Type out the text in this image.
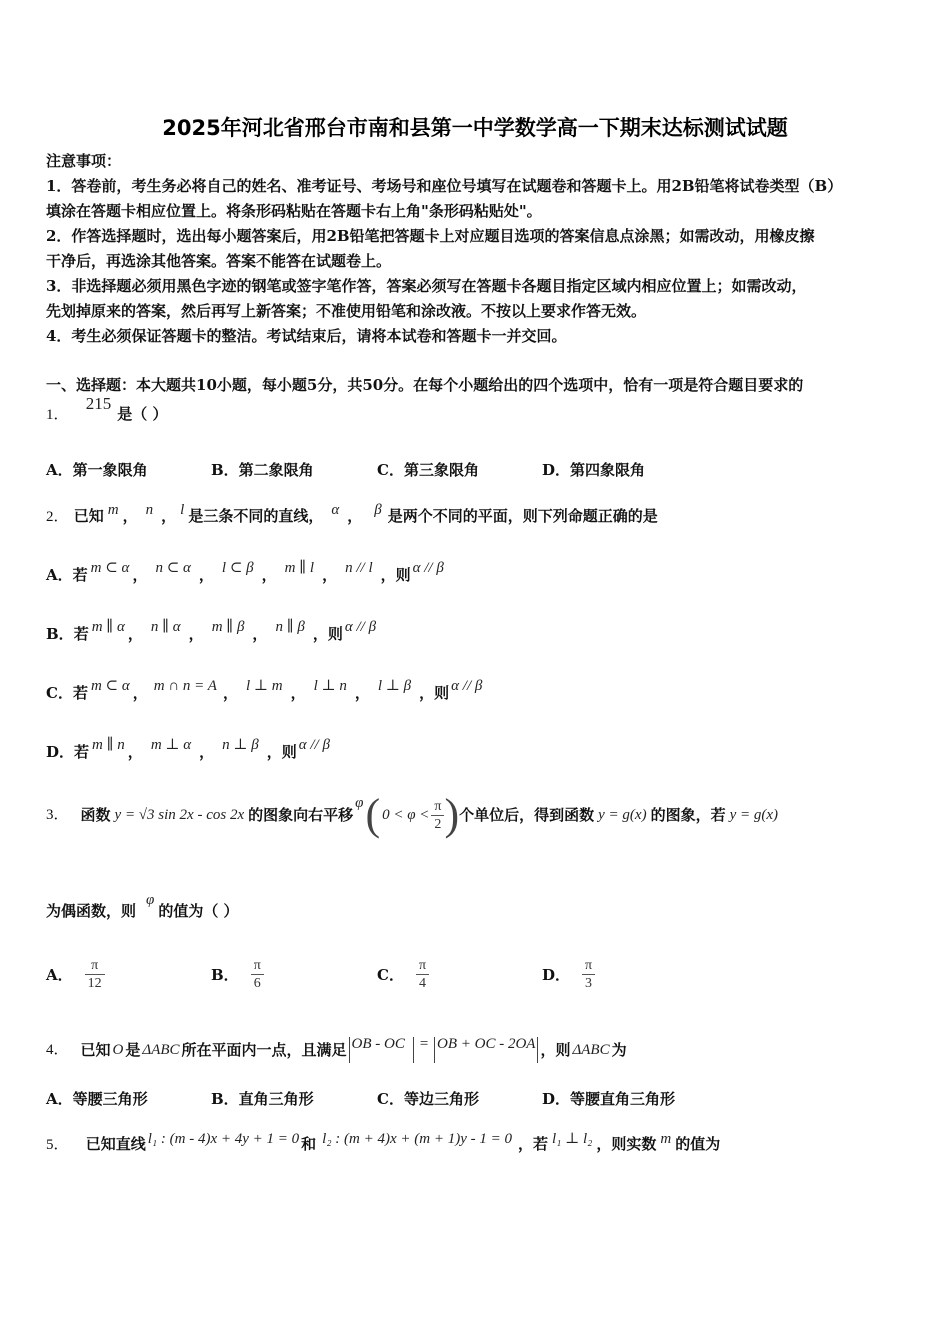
2025年河北省邢台市南和县第一中学数学高一下期末达标测试试题
注意事项：
1．答卷前，考生务必将自己的姓名、准考证号、考场号和座位号填写在试题卷和答题卡上。用2B铅笔将试卷类型（B）
填涂在答题卡相应位置上。将条形码粘贴在答题卡右上角"条形码粘贴处"。
2．作答选择题时，选出每小题答案后，用2B铅笔把答题卡上对应题目选项的答案信息点涂黑；如需改动，用橡皮擦
干净后，再选涂其他答案。答案不能答在试题卷上。
3．非选择题必须用黑色字迹的钢笔或签字笔作答，答案必须写在答题卡各题目指定区域内相应位置上；如需改动，
先划掉原来的答案，然后再写上新答案；不准使用铅笔和涂改液。不按以上要求作答无效。
4．考生必须保证答题卡的整洁。考试结束后，请将本试卷和答题卡一并交回。
一、选择题：本大题共10小题，每小题5分，共50分。在每个小题给出的四个选项中，恰有一项是符合题目要求的
1． 215是（ ）
A．第一象限角	B．第二象限角	C．第三象限角	D．第四象限角
2． 已知 m ， n ， l 是三条不同的直线， α ， β 是两个不同的平面，则下列命题正确的是
A．若 m ⊂ α ， n ⊂ α ， l ⊂ β ， m ∥ l ， n // l ，则 α // β
B．若 m ∥ α ， n ∥ α ， m ∥ β ， n ∥ β ，则 α // β
C．若 m ⊂ α ， m ∩ n = A ， l ⊥ m ， l ⊥ n ， l ⊥ β ，则 α // β
D．若 m ∥ n ， m ⊥ α ， n ⊥ β ，则 α // β
3． 函数 y = √3 sin 2x - cos 2x 的图象向右平移
φ ( $0 < \varphi < \frac{\pi}{2}$ ) 个单位后，得到函数 y = g(x) 的图象，若 y = g(x)
为偶函数，则φ的值为（ ）
A． $\frac{\pi}{12}$	B． $\frac{\pi}{6}$	C． $\frac{\pi}{4}$	D． $\frac{\pi}{3}$
4． 已知 O 是 ΔABC 所在平面内一点，且满足 OB - OC = OB + OC - 2OA ，则 ΔABC 为
A．等腰三角形	B．直角三角形	C．等边三角形	D．等腰直角三角形
5． 已知直线 l₁ : (m - 4)x + 4y + 1 = 0 和 l₂ : (m + 4)x + (m + 1)y - 1 = 0 ，若 l₁ ⊥ l₂ ，则实数 m 的值为
